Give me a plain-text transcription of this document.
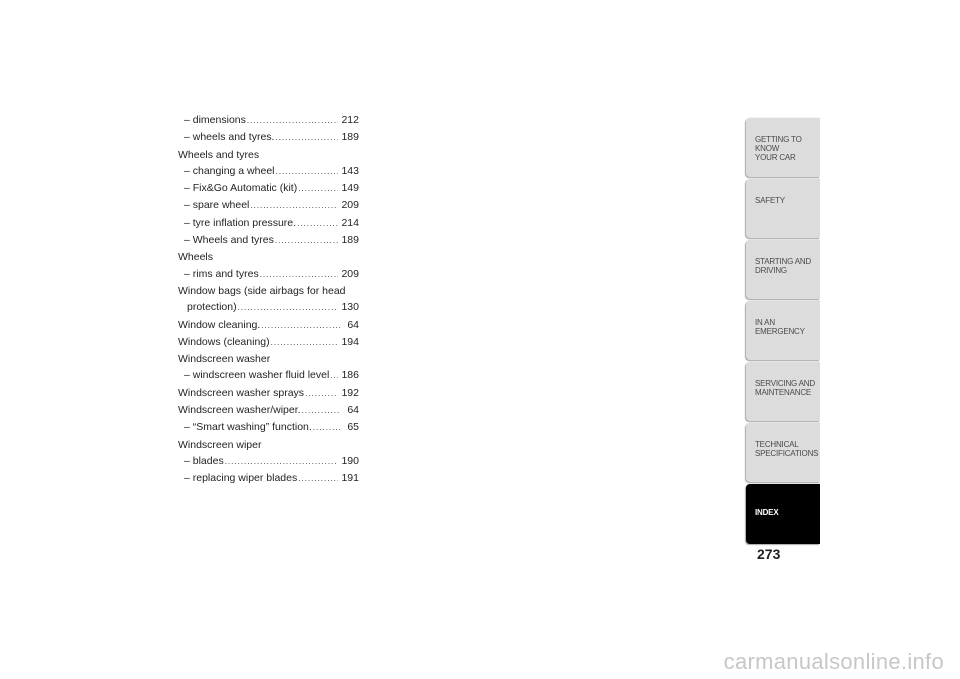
– dimensions .....	212
– wheels and tyres. .....	189
Wheels and tyres
– changing a wheel .....	143
– Fix&Go Automatic (kit) .....	149
– spare wheel .....	209
– tyre inflation pressure. .....	214
– Wheels and tyres .....	189
Wheels
– rims and tyres .....	209
Window bags (side airbags for head
protection) .....	130
Window cleaning. .....	64
Windows (cleaning) .....	194
Windscreen washer
– windscreen washer fluid level ..... 186
Windscreen washer sprays .....	192
Windscreen washer/wiper. .....	64
– “Smart washing” function. .....	65
Windscreen wiper
– blades .....	190
– replacing wiper blades .....	191
GETTING TO KNOW
YOUR CAR
SAFETY
STARTING AND
DRIVING
IN AN EMERGENCY
SERVICING AND
MAINTENANCE
TECHNICAL
SPECIFICATIONS
INDEX
273
carmanualsonline.info
